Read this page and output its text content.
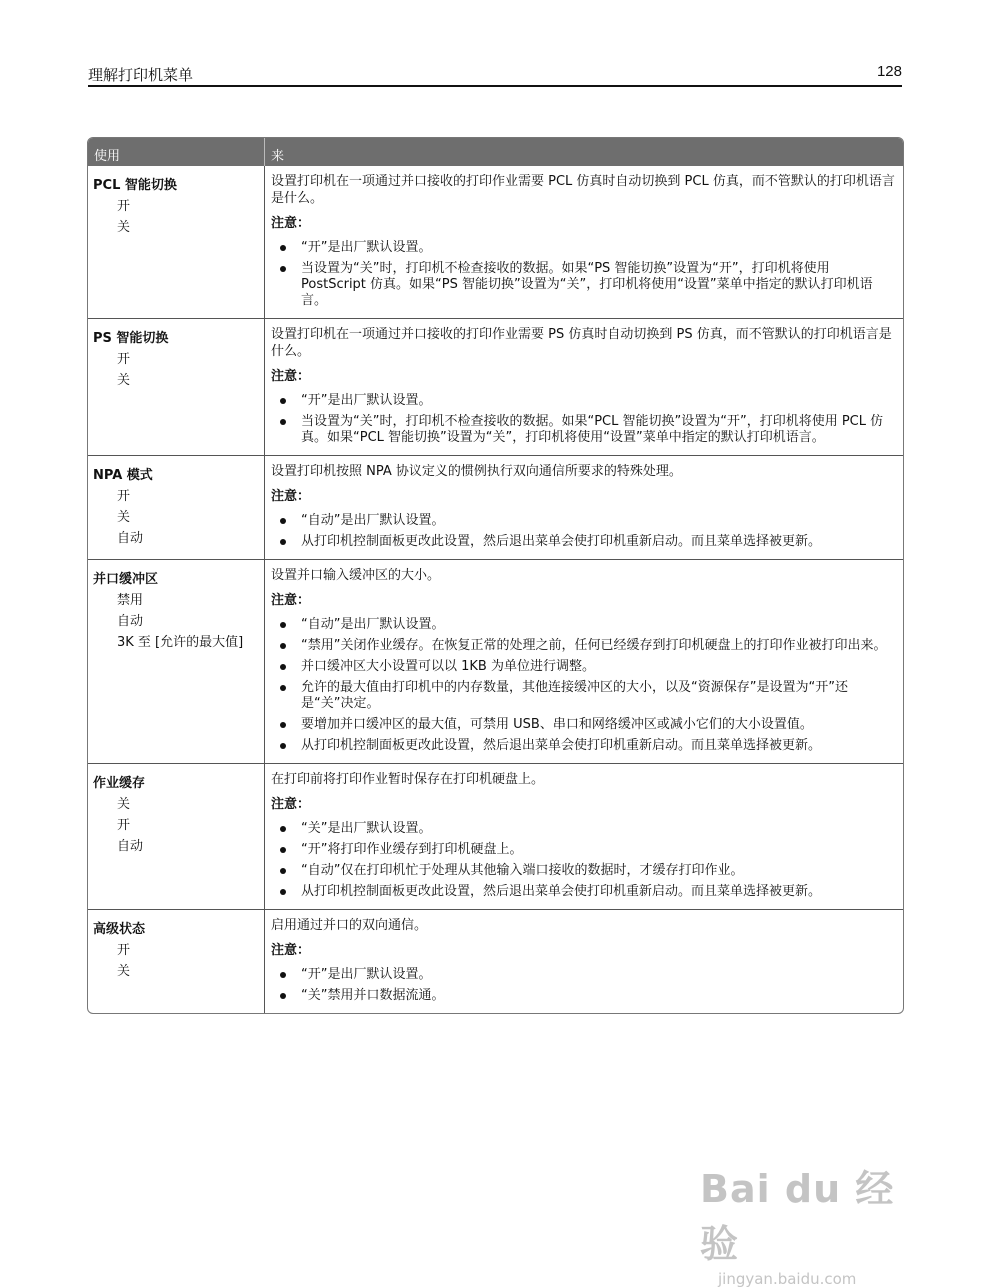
理解打印机菜单	128
使用	来
PCL 智能切换
开
关

设置打印机在一项通过并口接收的打印作业需要 PCL 仿真时自动切换到 PCL 仿真，而不管默认的打印机语言是什么。

注意：

“开”是出厂默认设置。
当设置为“关”时，打印机不检查接收的数据。如果“PS 智能切换”设置为“开”，打印机将使用 PostScript 仿真。如果“PS 智能切换”设置为“关”，打印机将使用“设置”菜单中指定的默认打印机语言。
PS 智能切换
开
关

设置打印机在一项通过并口接收的打印作业需要 PS 仿真时自动切换到 PS 仿真，而不管默认的打印机语言是什么。

注意：

“开”是出厂默认设置。
当设置为“关”时，打印机不检查接收的数据。如果“PCL 智能切换”设置为“开”，打印机将使用 PCL 仿真。如果“PCL 智能切换”设置为“关”，打印机将使用“设置”菜单中指定的默认打印机语言。
NPA 模式
开
关
自动

设置打印机按照 NPA 协议定义的惯例执行双向通信所要求的特殊处理。

注意：

“自动”是出厂默认设置。
从打印机控制面板更改此设置，然后退出菜单会使打印机重新启动。而且菜单选择被更新。
并口缓冲区
禁用
自动
3K 至 [允许的最大值]

设置并口输入缓冲区的大小。

注意：

“自动”是出厂默认设置。
“禁用”关闭作业缓存。在恢复正常的处理之前，任何已经缓存到打印机硬盘上的打印作业被打印出来。
并口缓冲区大小设置可以以 1KB 为单位进行调整。
允许的最大值由打印机中的内存数量，其他连接缓冲区的大小，以及“资源保存”是设置为“开”还是“关”决定。
要增加并口缓冲区的最大值，可禁用 USB、串口和网络缓冲区或减小它们的大小设置值。
从打印机控制面板更改此设置，然后退出菜单会使打印机重新启动。而且菜单选择被更新。
作业缓存
关
开
自动

在打印前将打印作业暂时保存在打印机硬盘上。

注意：

“关”是出厂默认设置。
“开”将打印作业缓存到打印机硬盘上。
“自动”仅在打印机忙于处理从其他输入端口接收的数据时，才缓存打印作业。
从打印机控制面板更改此设置，然后退出菜单会使打印机重新启动。而且菜单选择被更新。
高级状态
开
关

启用通过并口的双向通信。

注意：

“开”是出厂默认设置。
“关”禁用并口数据流通。
Bai du 经验
jingyan.baidu.com
